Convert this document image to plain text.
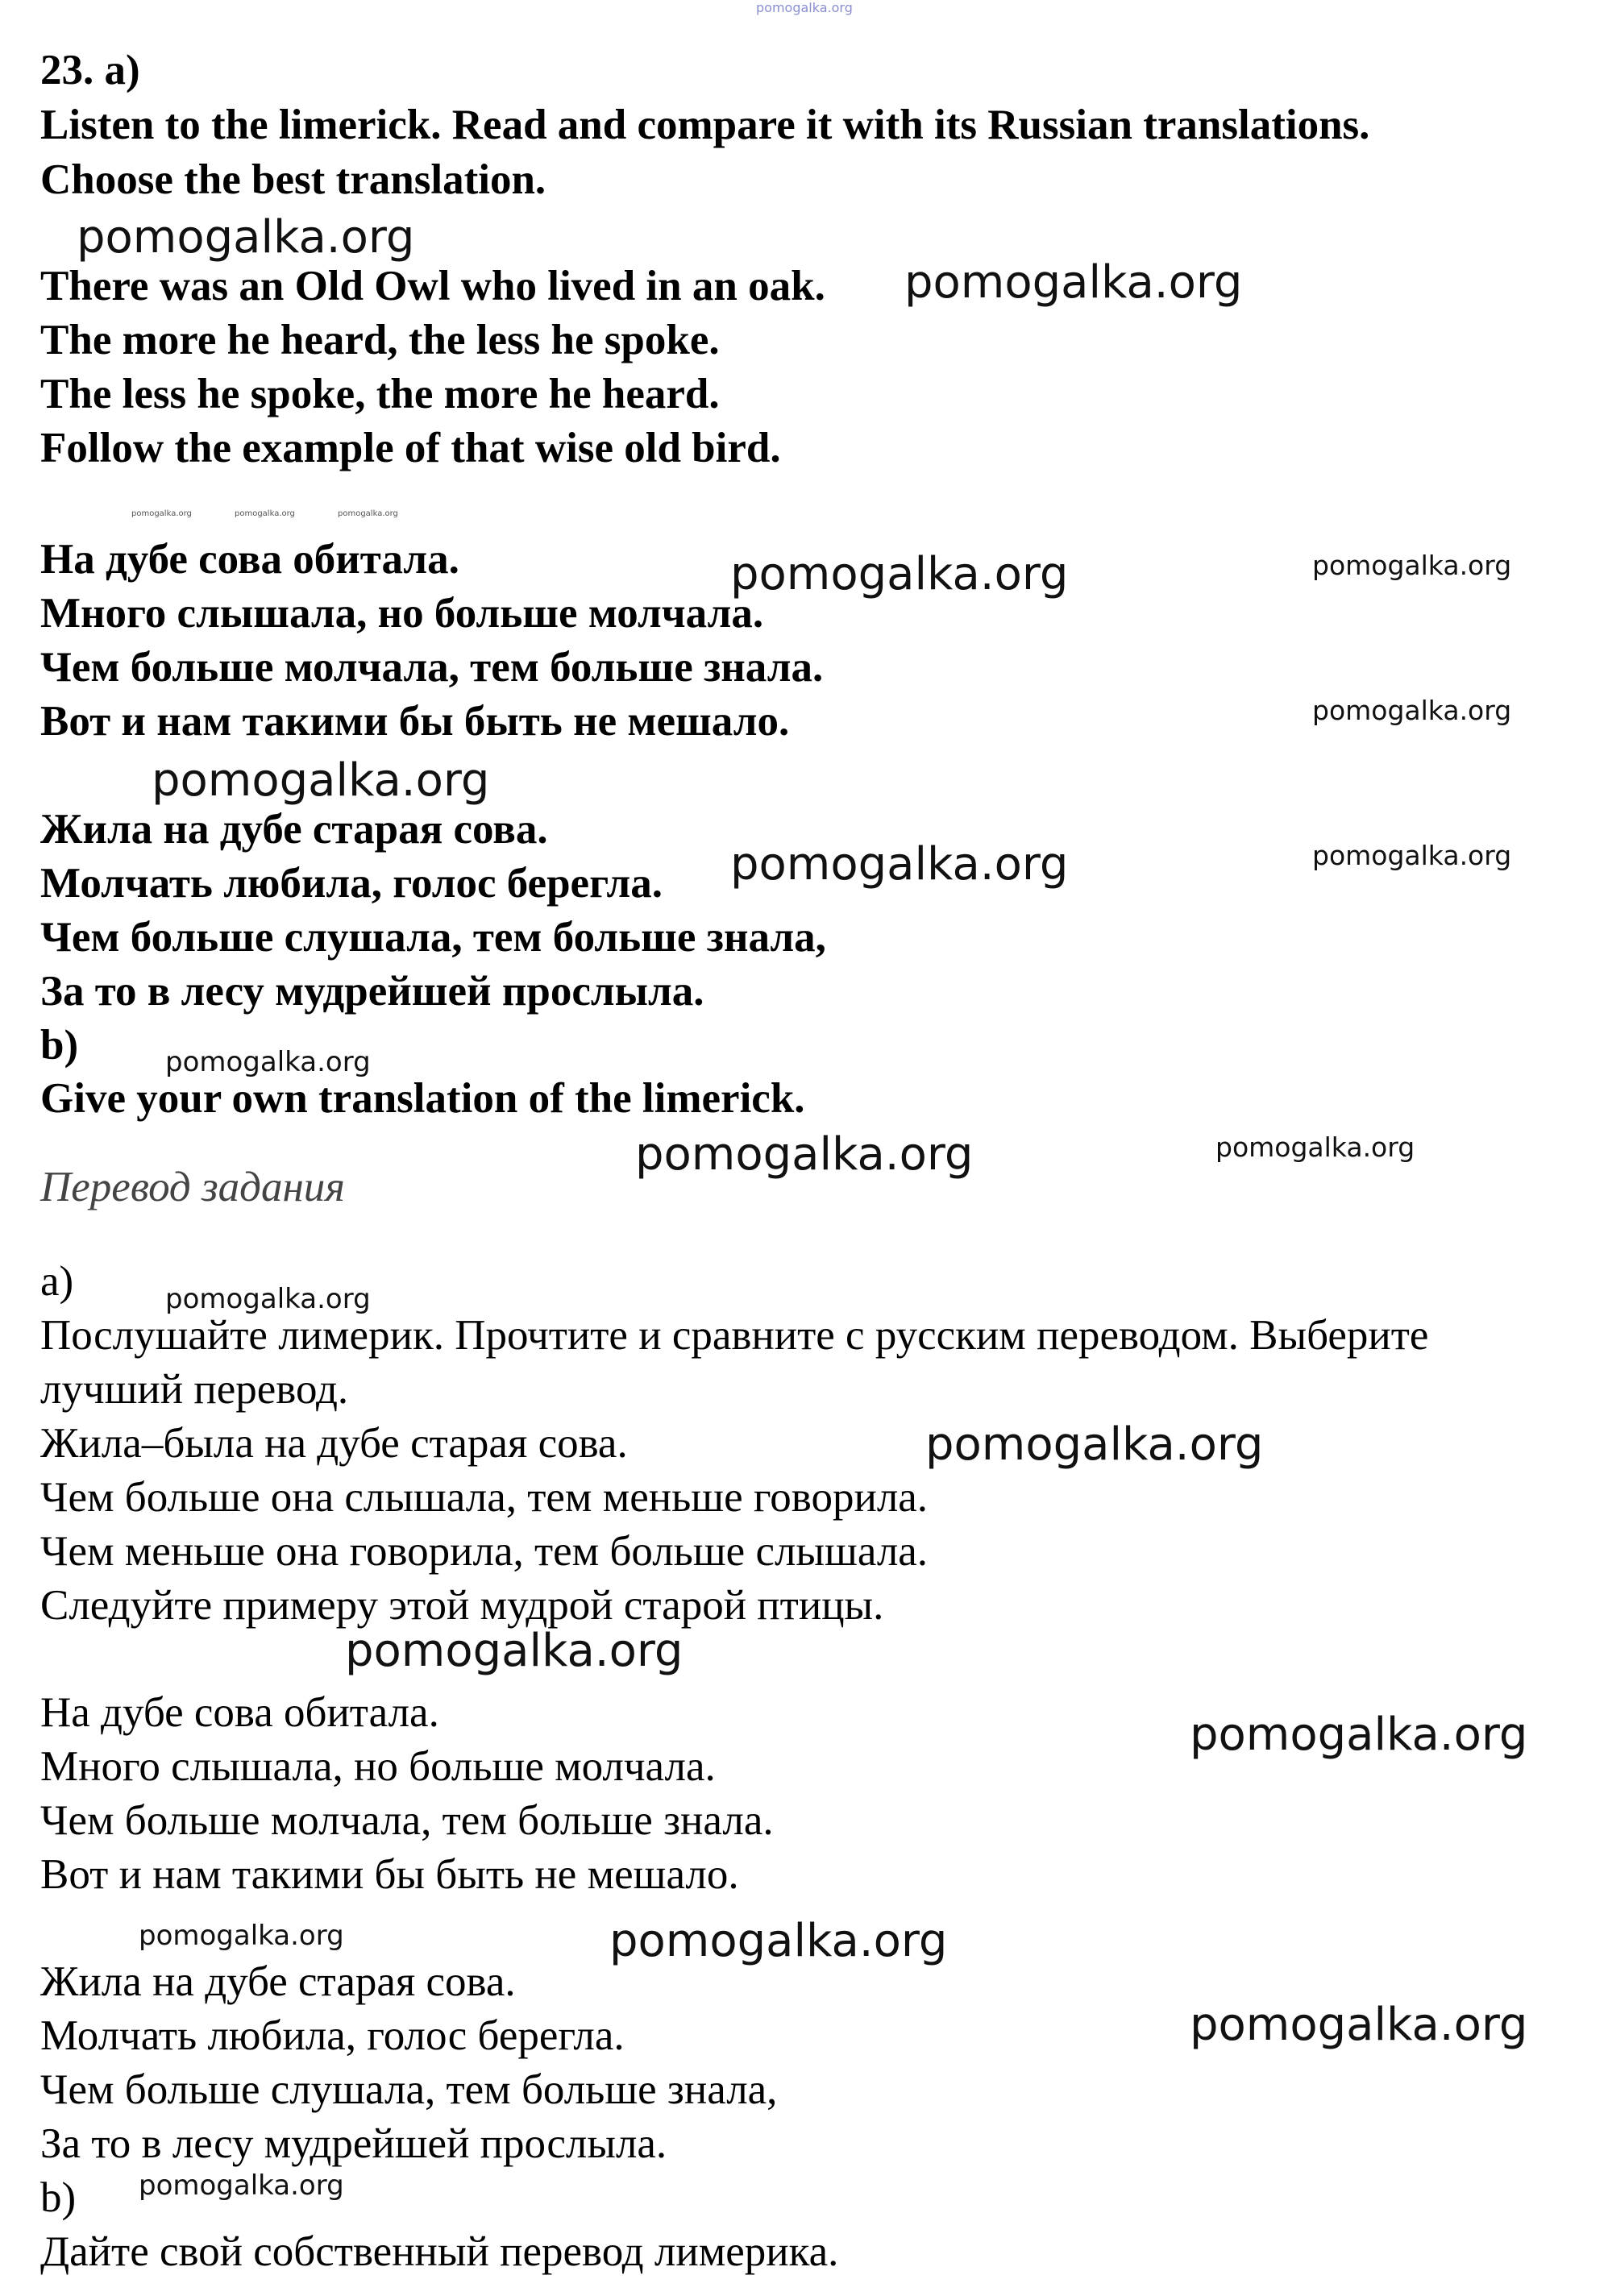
pomogalka.org

23. a)

Listen to the limerick. Read and compare it with its Russian translations.

Choose the best translation.

pomogalka.org

There was an Old Owl who lived in an oak. pomogalka.org

The more he heard, the less he spoke.

The less he spoke, the more he heard.

Follow the example of that wise old bird.

pomogalka.org	pomogalka.org	pomogalka.org

На дубе сова обитала.	pomogalka.org	pomogalka.org

Много слышала, но больше молчала.

Чем больше молчала, тем больше знала.

Вот и нам такими бы быть не мешало.	pomogalka.org
pomogalka.org

Жила на дубе старая сова.

Молчать любила, голос берегла. pomogalka.org	pomogalka.org

Чем больше слушала, тем больше знала,

За то в лесу мудрейшей прослыла.

b)	pomogalka.org

Give your own translation of the limerick.

pomogalka.org	pomogalka.org

Перевод задания

а)	pomogalka.org

Послушайте лимерик. Прочтите и сравните с русским переводом. Выберите

лучший перевод.

Жила–была на дубе старая сова.	pomogalka.org

Чем больше она слышала, тем меньше говорила.

Чем меньше она говорила, тем больше слышала.

Следуйте примеру этой мудрой старой птицы.

pomogalka.org

На дубе сова обитала.	pomogalka.org

Много слышала, но больше молчала.

Чем больше молчала, тем больше знала.

Вот и нам такими бы быть не мешало.

pomogalka.org	pomogalka.org

Жила на дубе старая сова.

Молчать любила, голос берегла.	pomogalka.org

Чем больше слушала, тем больше знала,

За то в лесу мудрейшей прослыла.

b) pomogalka.org

Дайте свой собственный перевод лимерика.
